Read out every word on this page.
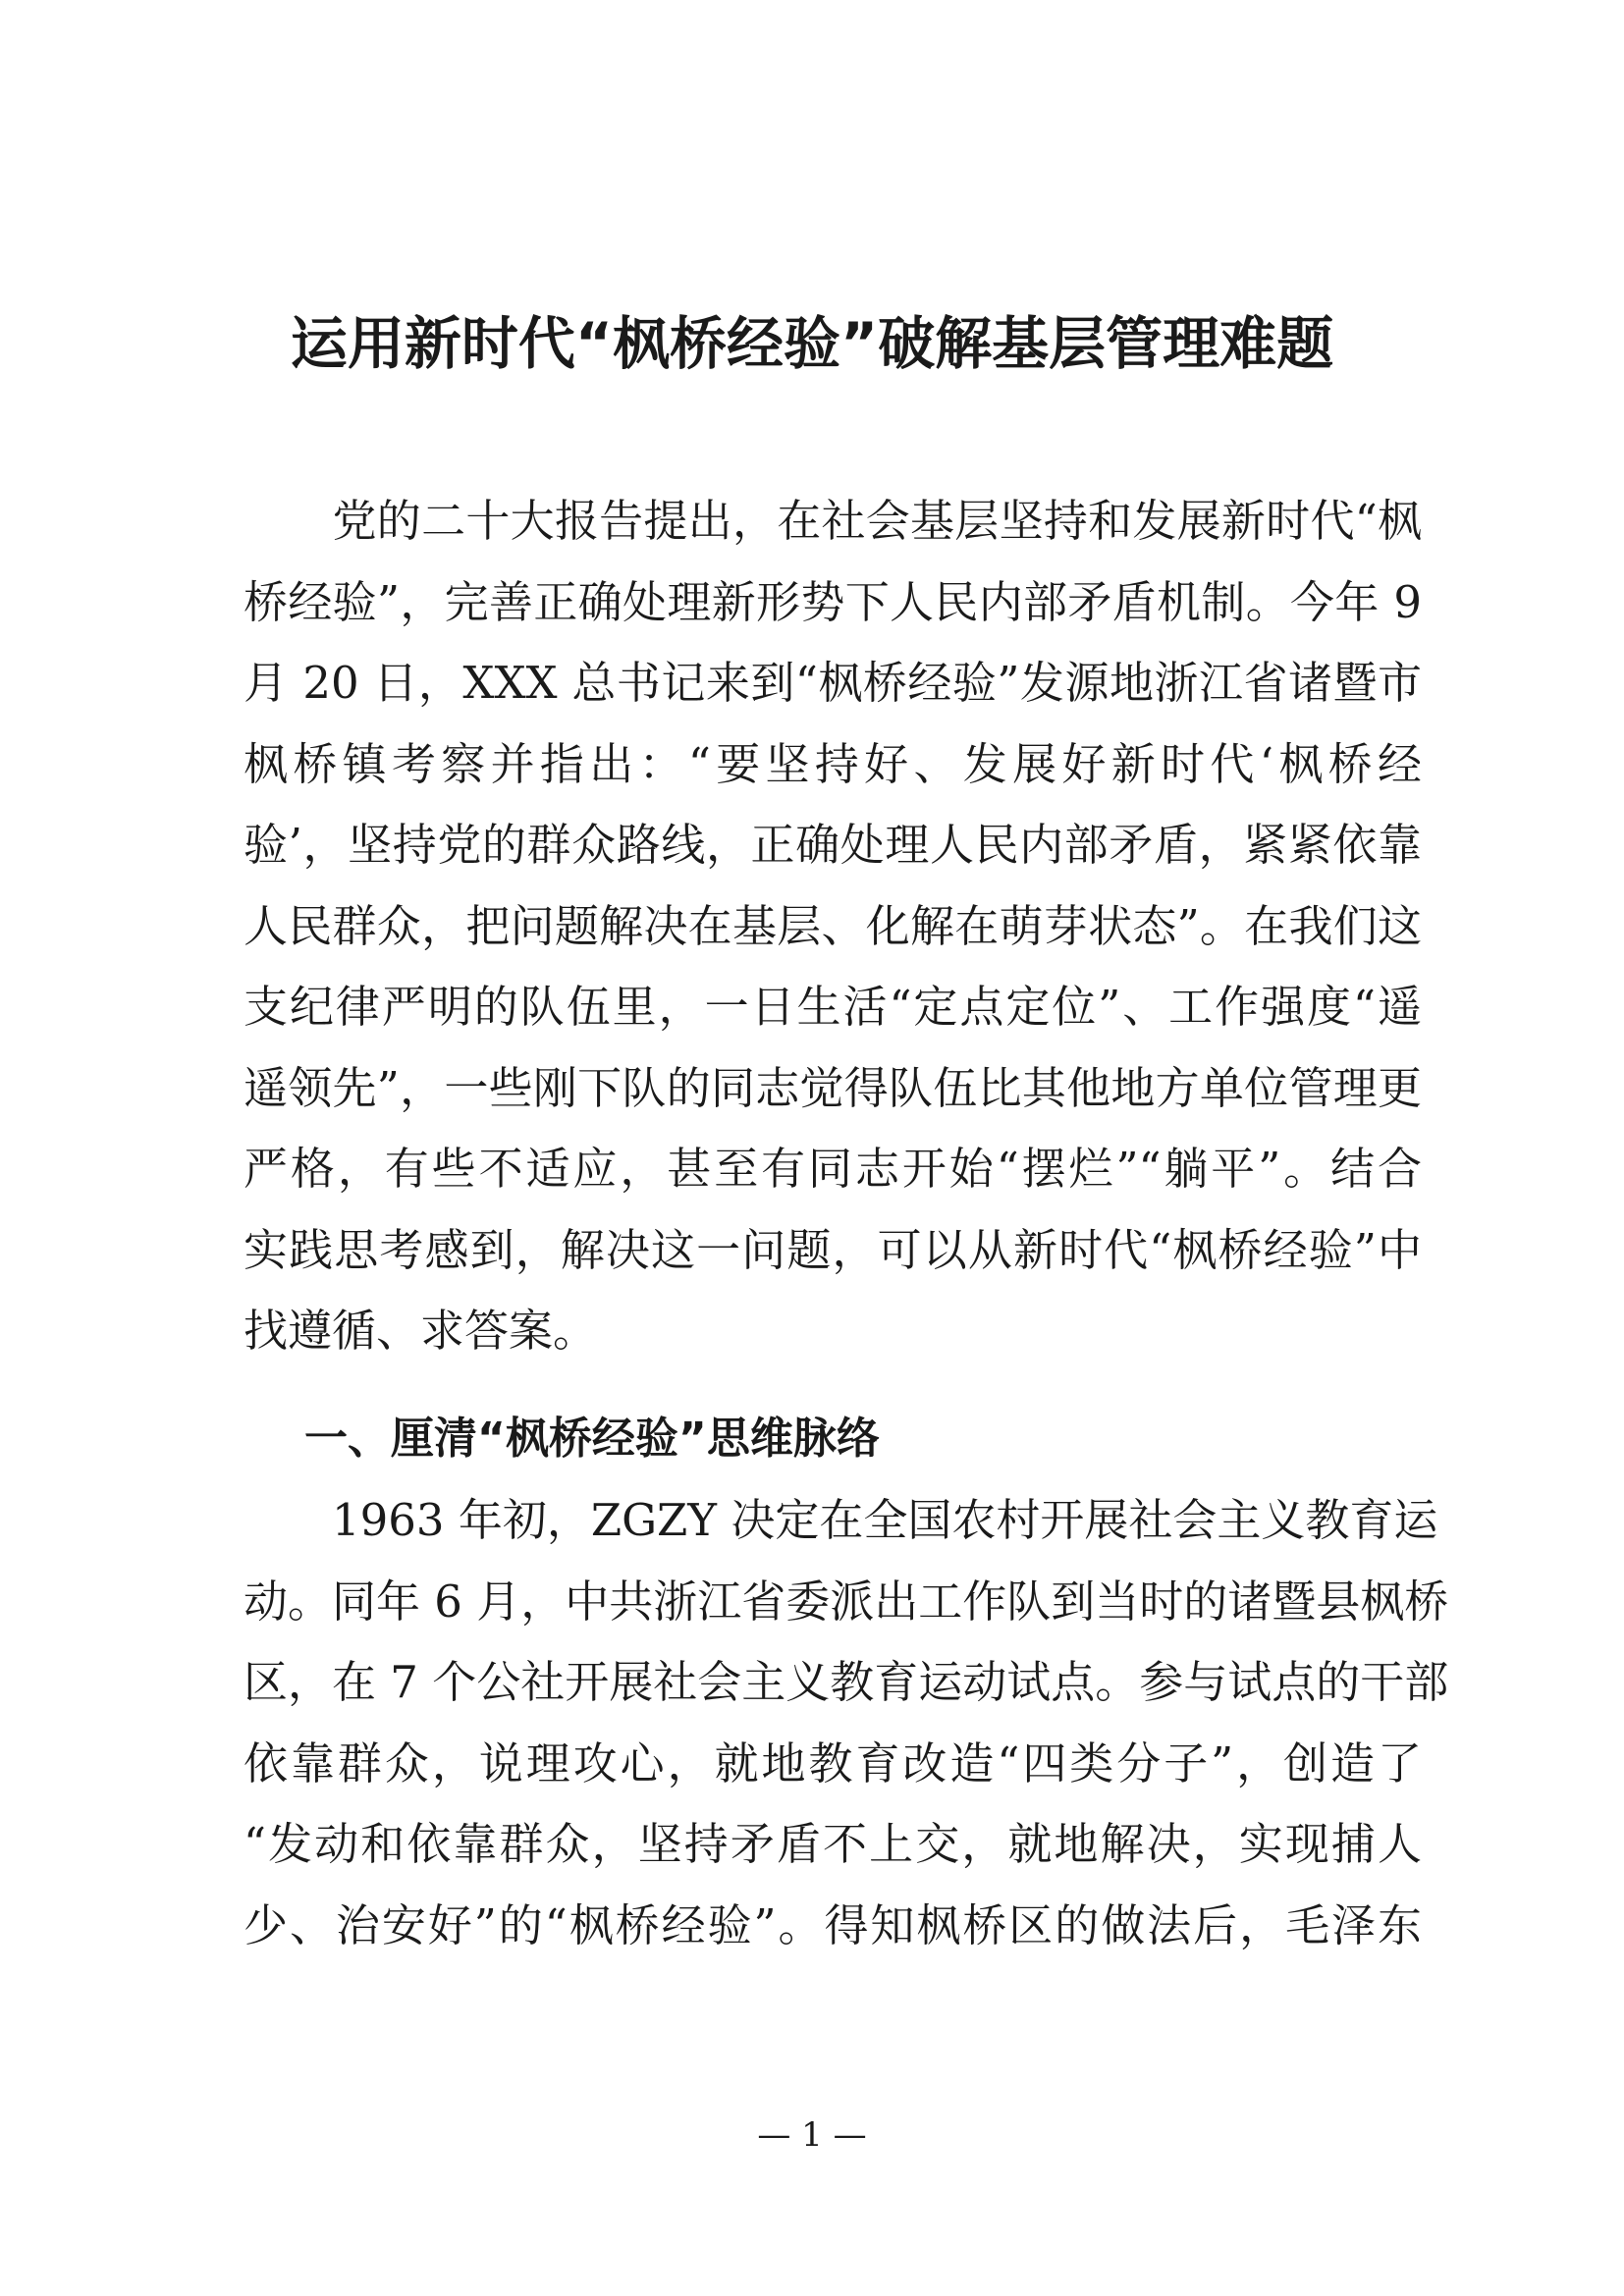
运用新时代“枫桥经验”破解基层管理难题
　　党的二十大报告提出，在社会基层坚持和发展新时代“枫
桥经验”，完善正确处理新形势下人民内部矛盾机制。今年 9
月 20 日，XXX 总书记来到“枫桥经验”发源地浙江省诸暨市
枫桥镇考察并指出：“要坚持好、发展好新时代‘枫桥经
验’，坚持党的群众路线，正确处理人民内部矛盾，紧紧依靠
人民群众，把问题解决在基层、化解在萌芽状态”。在我们这
支纪律严明的队伍里，一日生活“定点定位”、工作强度“遥
遥领先”，一些刚下队的同志觉得队伍比其他地方单位管理更
严格，有些不适应，甚至有同志开始“摆烂”“躺平”。结合
实践思考感到，解决这一问题，可以从新时代“枫桥经验”中
找遵循、求答案。
一、厘清“枫桥经验”思维脉络
　　1963 年初，ZGZY 决定在全国农村开展社会主义教育运
动。同年 6 月，中共浙江省委派出工作队到当时的诸暨县枫桥
区，在 7 个公社开展社会主义教育运动试点。参与试点的干部
依靠群众，说理攻心，就地教育改造“四类分子”，创造了
“发动和依靠群众，坚持矛盾不上交，就地解决，实现捕人
少、治安好”的“枫桥经验”。得知枫桥区的做法后，毛泽东
— 1 —
